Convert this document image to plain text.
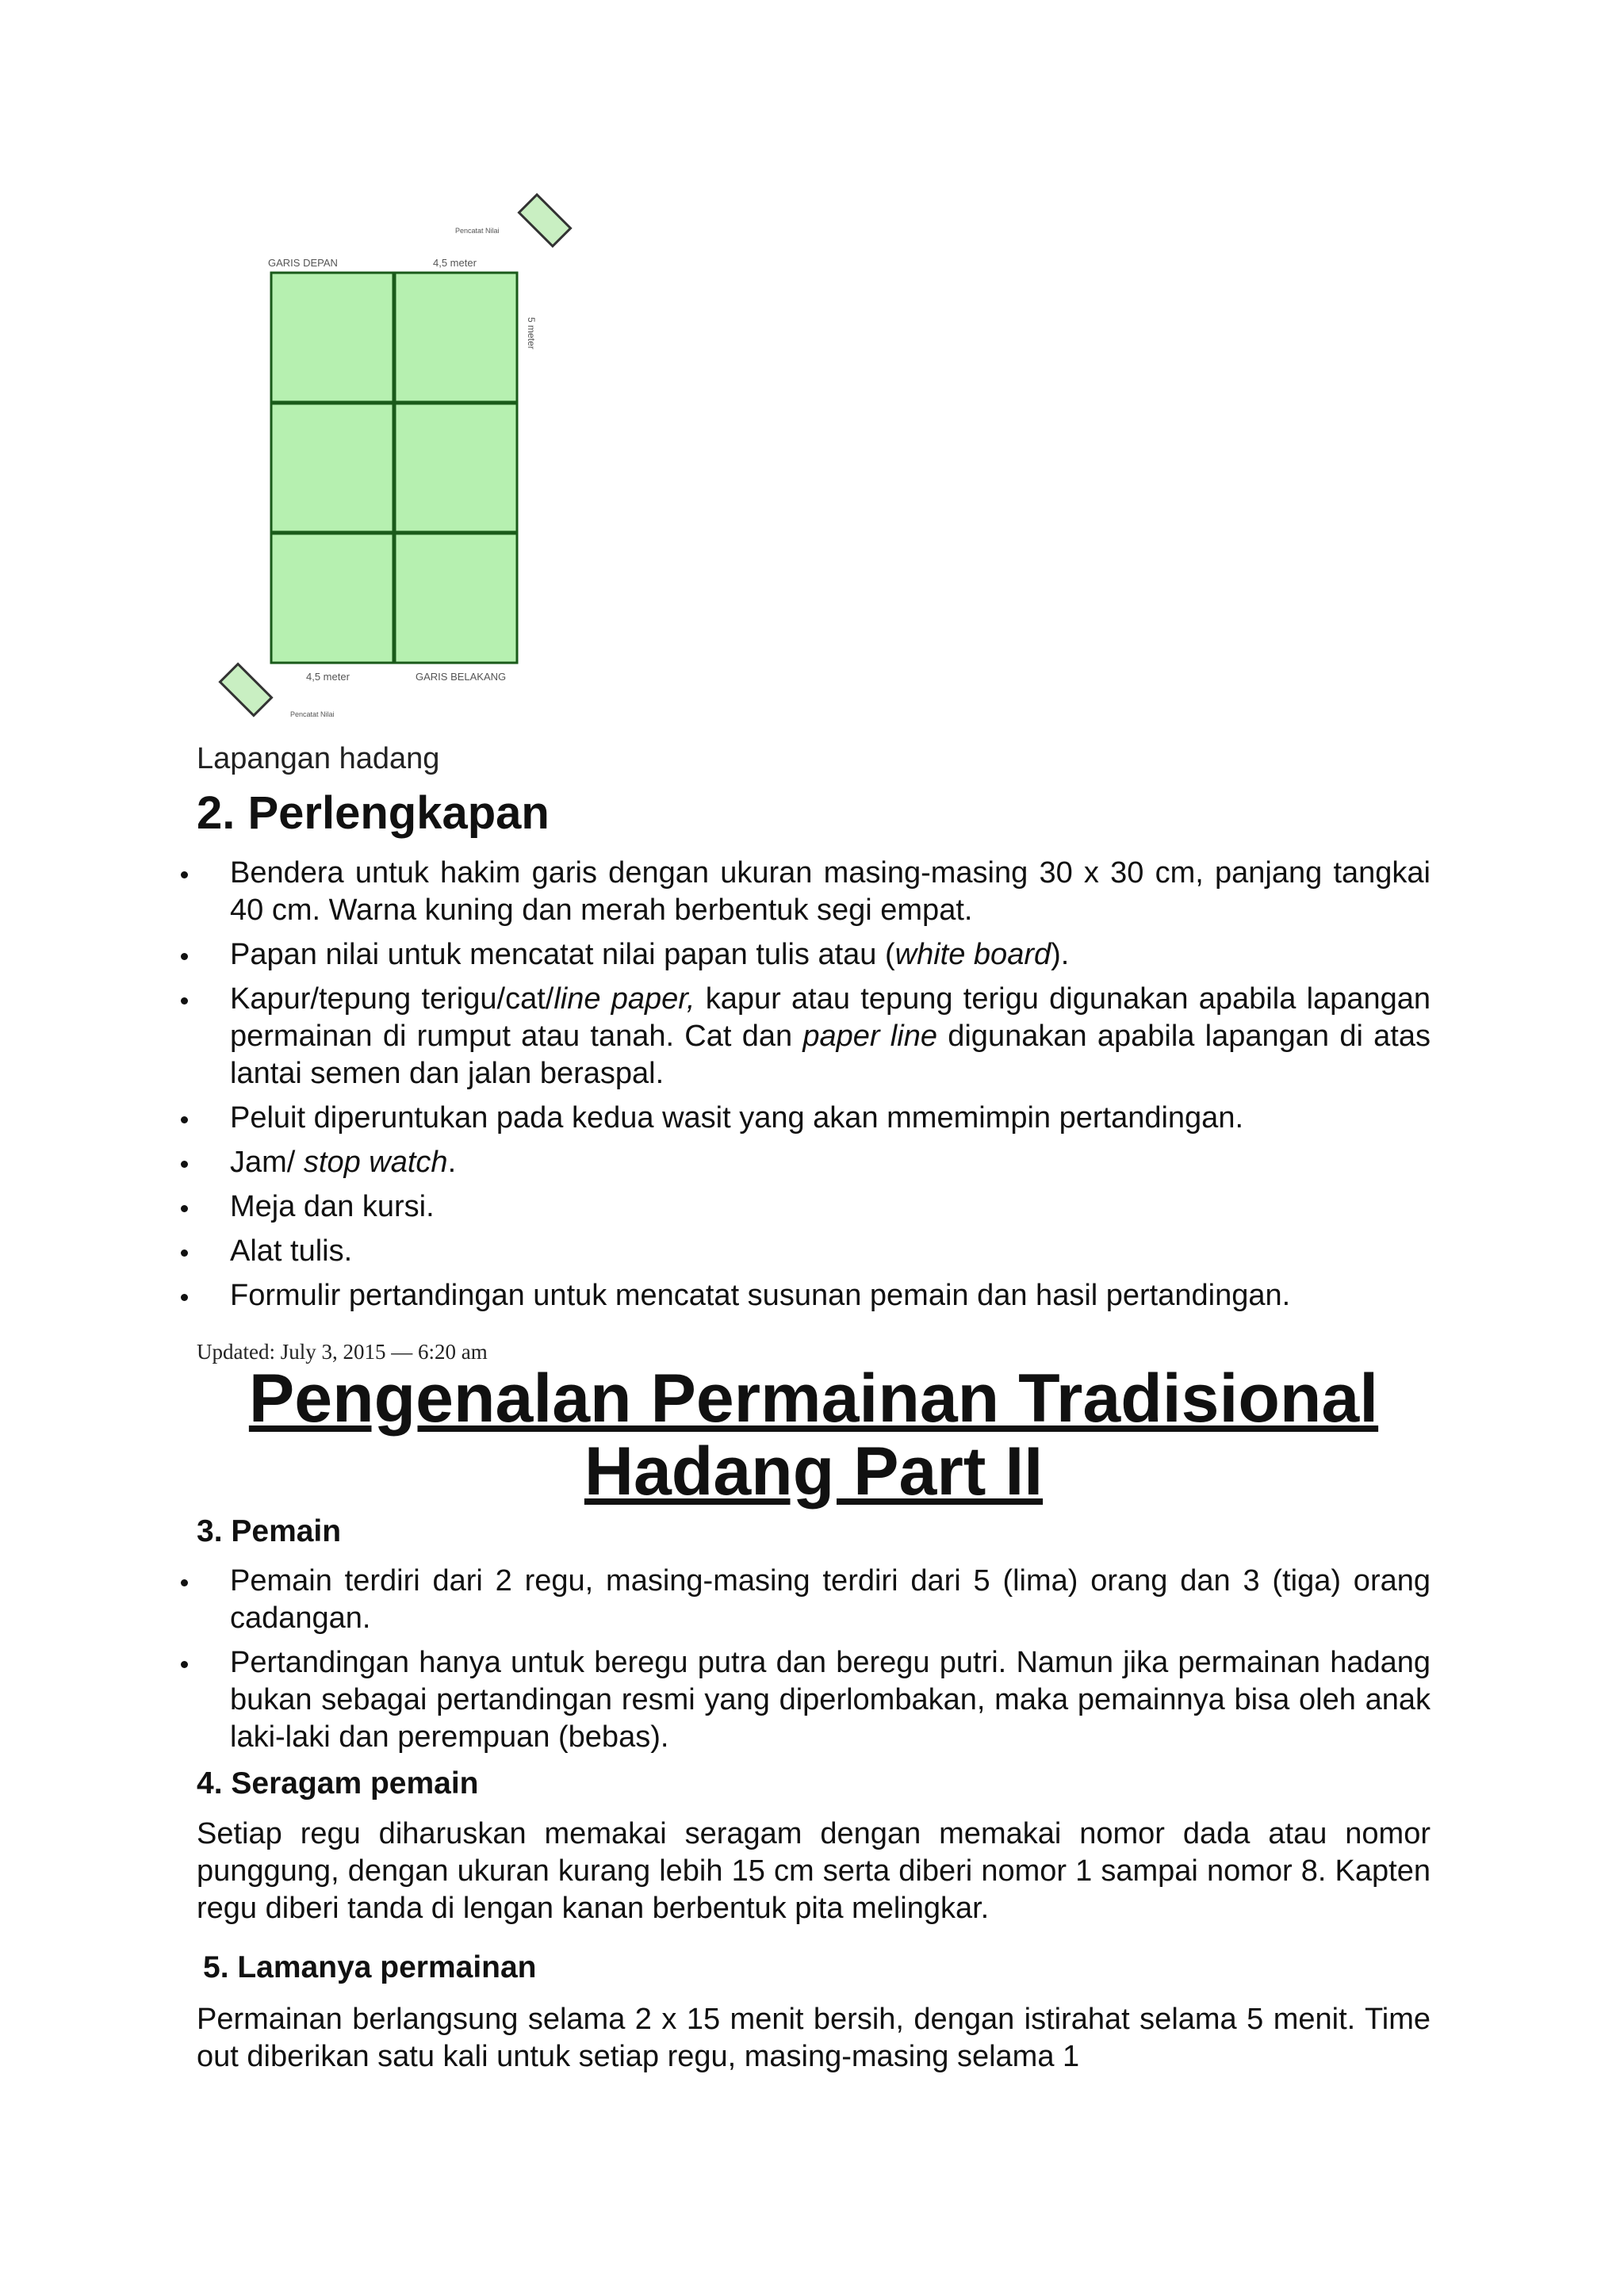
Pencatat Nilai
Pencatat Nilai
GARIS DEPAN	4,5 meter
5 meter
4,5 meter	GARIS BELAKANG
Lapangan hadang
2. Perlengkapan
Bendera untuk hakim garis dengan ukuran masing-masing 30 x 30 cm, panjang tangkai 40 cm. Warna kuning dan merah berbentuk segi empat.
Papan nilai untuk mencatat nilai papan tulis atau (white board).
Kapur/tepung terigu/cat/line paper, kapur atau tepung terigu digunakan apabila lapangan permainan di rumput atau tanah. Cat dan paper line digunakan apabila lapangan di atas lantai semen dan jalan beraspal.
Peluit diperuntukan pada kedua wasit yang akan mmemimpin pertandingan.
Jam/ stop watch.
Meja dan kursi.
Alat tulis.
Formulir pertandingan untuk mencatat susunan pemain dan hasil pertandingan.
Updated: July 3, 2015 — 6:20 am
Pengenalan Permainan Tradisional
Hadang Part II
3. Pemain
Pemain terdiri dari 2 regu, masing-masing terdiri dari 5 (lima) orang dan 3 (tiga) orang cadangan.
Pertandingan hanya untuk beregu putra dan beregu putri. Namun jika permainan hadang bukan sebagai pertandingan resmi yang diperlombakan, maka pemainnya bisa oleh anak laki-laki dan perempuan (bebas).
4. Seragam pemain
Setiap regu diharuskan memakai seragam dengan memakai nomor dada atau nomor punggung, dengan ukuran kurang lebih 15 cm serta diberi nomor 1 sampai nomor 8. Kapten regu diberi tanda di lengan kanan berbentuk pita melingkar.
5. Lamanya permainan
Permainan berlangsung selama 2 x 15 menit bersih, dengan istirahat selama 5 menit. Time out diberikan satu kali untuk setiap regu, masing-masing selama 1
